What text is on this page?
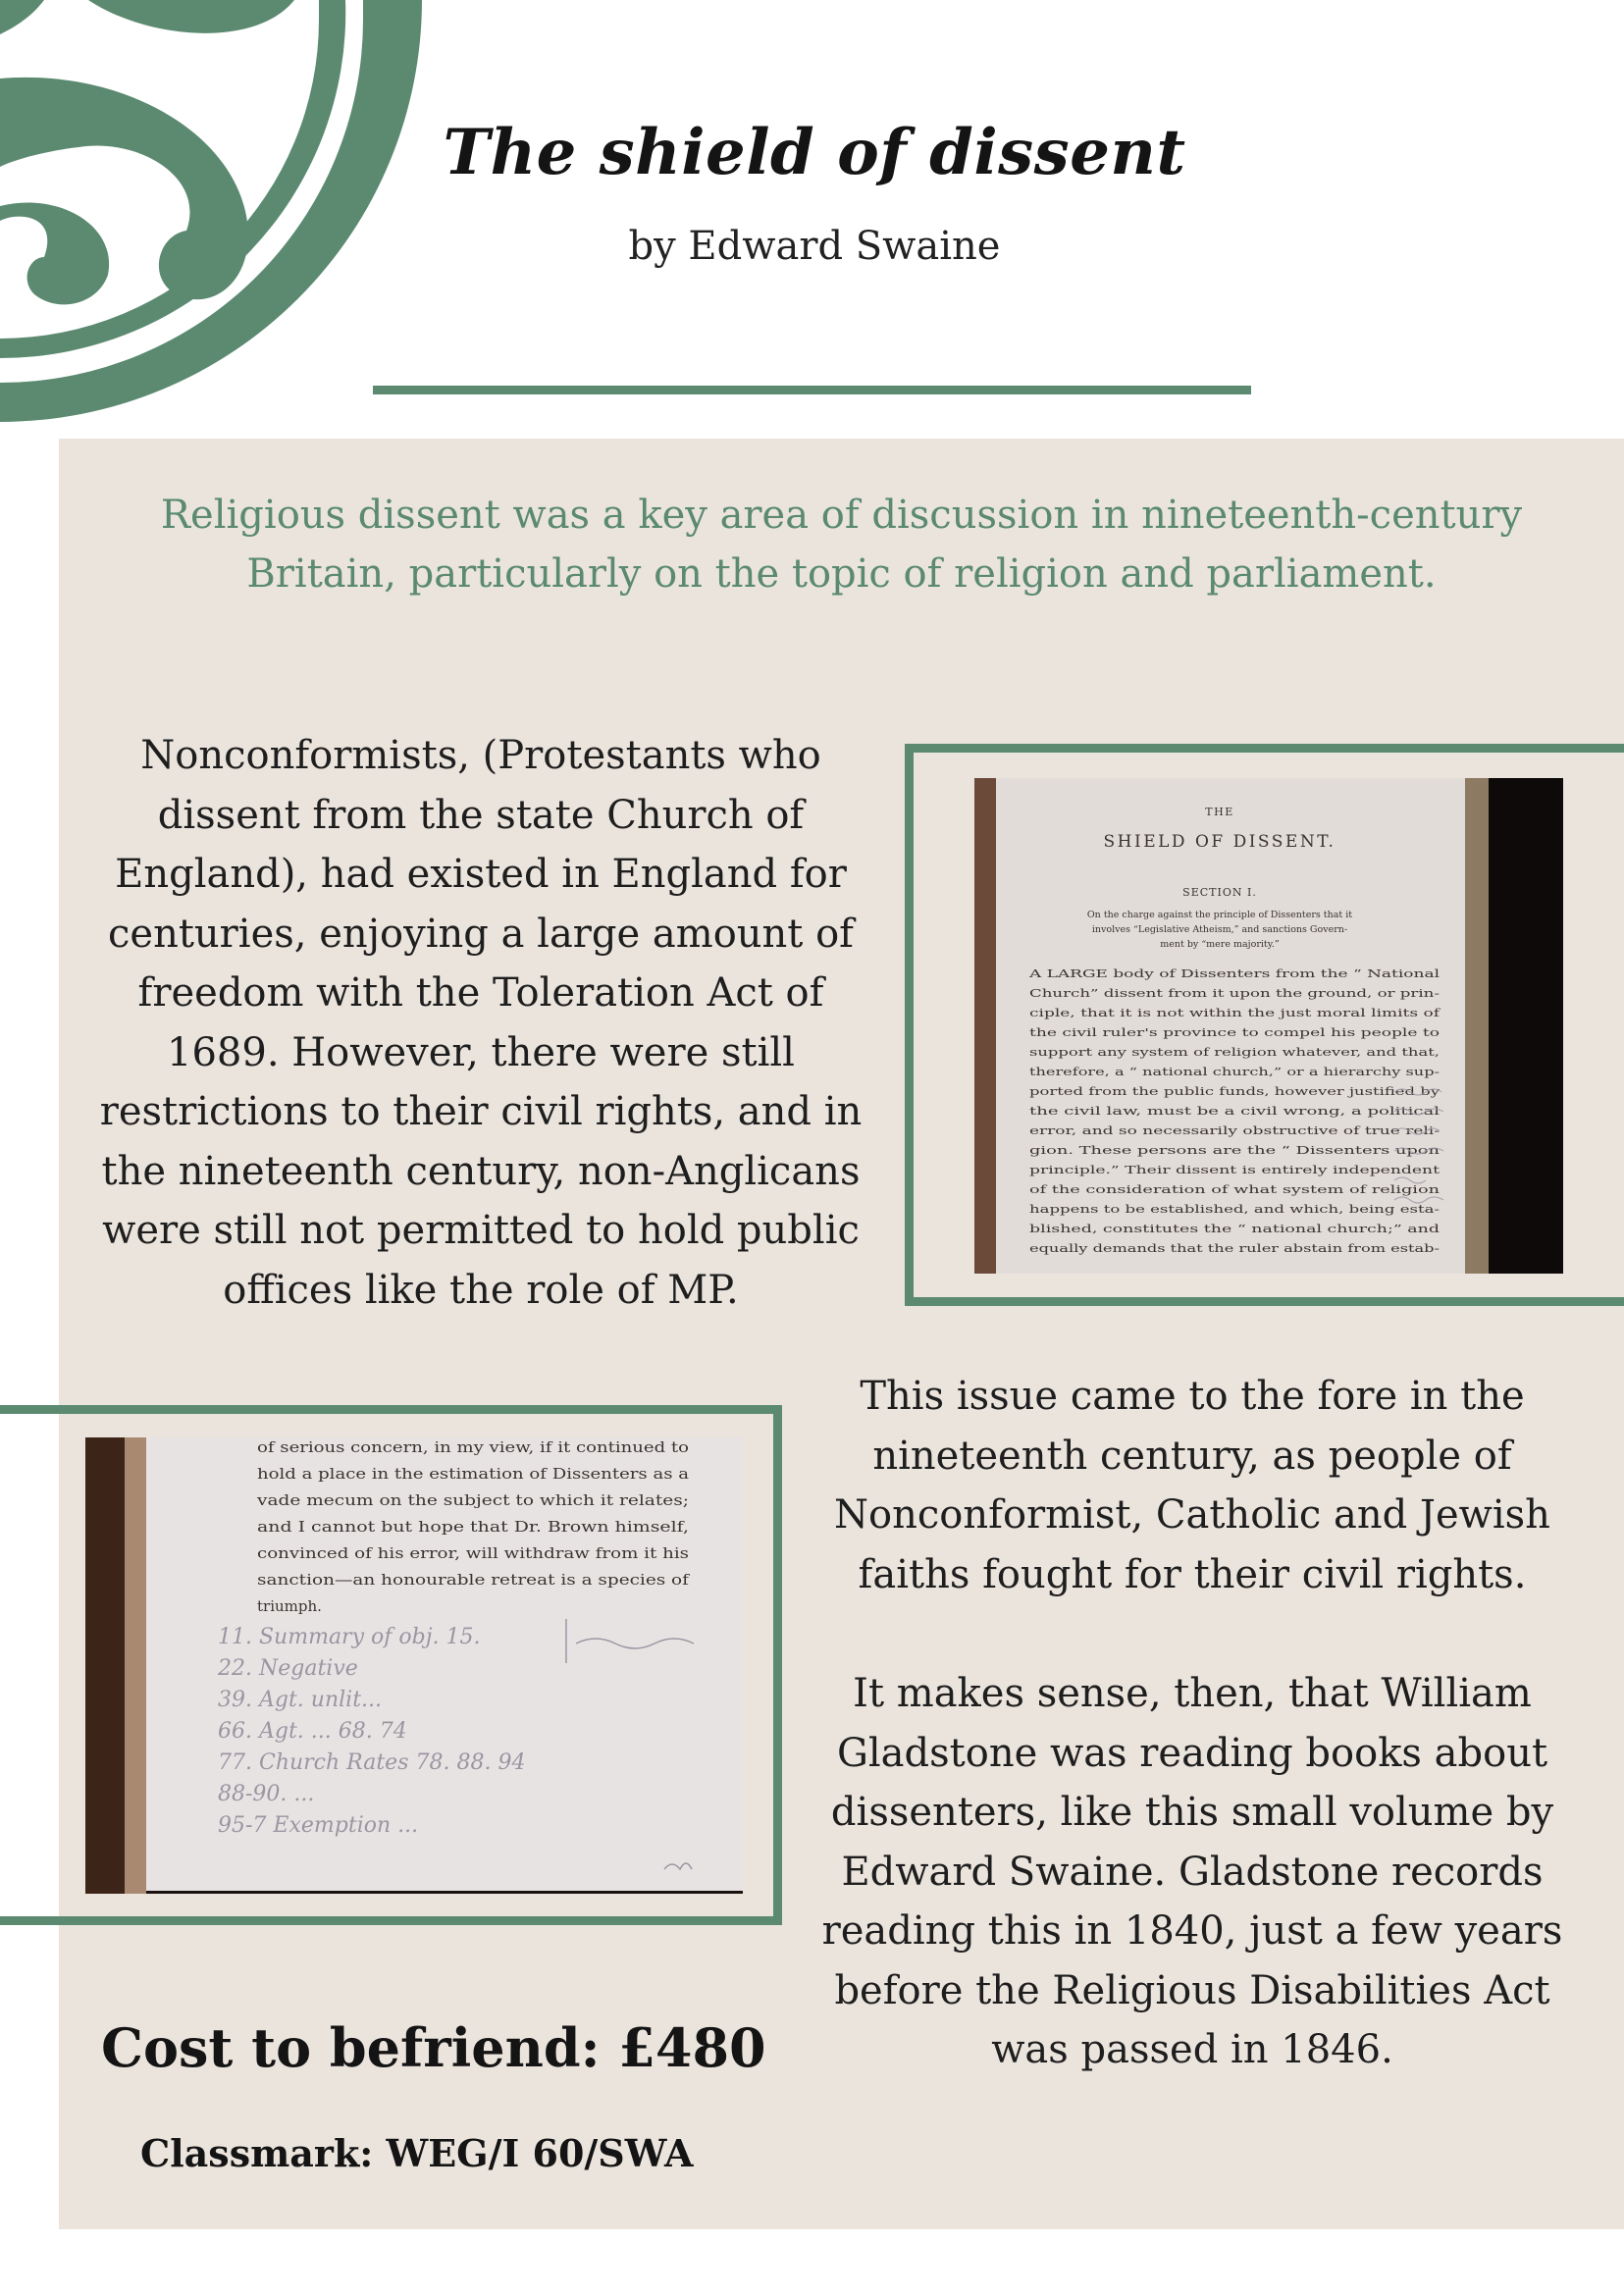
The shield of dissent
by Edward Swaine
Religious dissent was a key area of discussion in nineteenth-century Britain, particularly on the topic of religion and parliament.
Nonconformists, (Protestants who dissent from the state Church of England), had existed in England for centuries, enjoying a large amount of freedom with the Toleration Act of 1689. However, there were still restrictions to their civil rights, and in the nineteenth century, non-Anglicans were still not permitted to hold public offices like the role of MP.
THE
SHIELD OF DISSENT.
SECTION I.
On the charge against the principle of Dissenters that it
involves “Legislative Atheism,” and sanctions Govern-
ment by “mere majority.”
A LARGE body of Dissenters from the “ National
Church” dissent from it upon the ground, or prin-
ciple, that it is not within the just moral limits of
the civil ruler's province to compel his people to
support any system of religion whatever, and that,
therefore, a “ national church,” or a hierarchy sup-
ported from the public funds, however justified by
the civil law, must be a civil wrong, a political
error, and so necessarily obstructive of true reli-
gion. These persons are the “ Dissenters upon
principle.” Their dissent is entirely independent
of the consideration of what system of religion
happens to be established, and which, being esta-
blished, constitutes the “ national church;” and
equally demands that the ruler abstain from estab-
of serious concern, in my view, if it continued to
hold a place in the estimation of Dissenters as a
vade mecum on the subject to which it relates;
and I cannot but hope that Dr. Brown himself,
convinced of his error, will withdraw from it his
sanction—an honourable retreat is a species of
triumph.
11. Summary of obj. 15.
22. Negative
39. Agt. unlit...
66. Agt. ... 68. 74
77. Church Rates 78. 88. 94
88-90. ...
95-7 Exemption ...
This issue came to the fore in the nineteenth century, as people of Nonconformist, Catholic and Jewish faiths fought for their civil rights.
It makes sense, then, that William Gladstone was reading books about dissenters, like this small volume by Edward Swaine. Gladstone records reading this in 1840, just a few years before the Religious Disabilities Act was passed in 1846.
Cost to befriend: £480
Classmark: WEG/I 60/SWA
